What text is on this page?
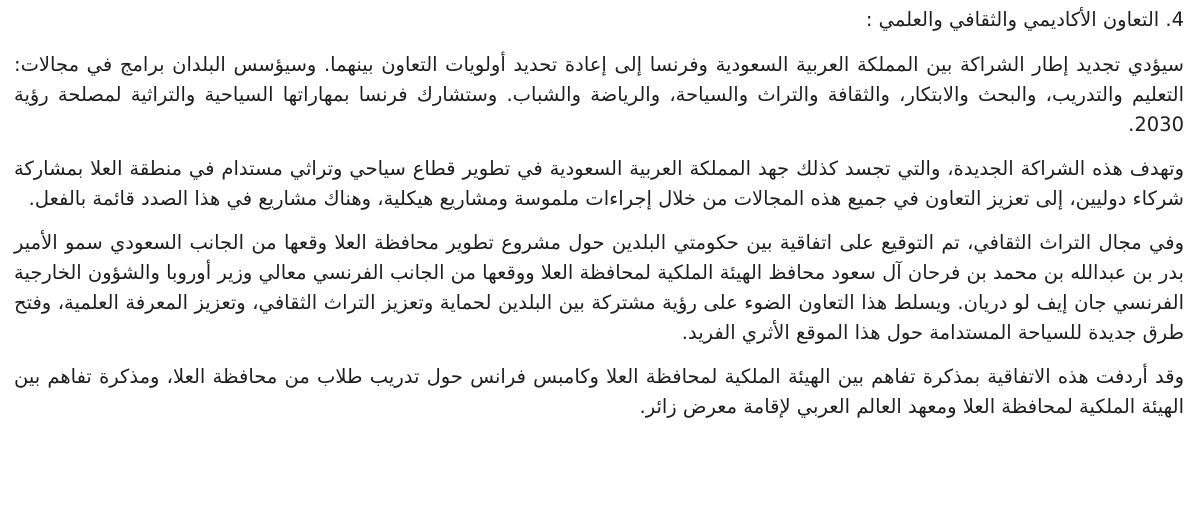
4. التعاون الأكاديمي والثقافي والعلمي :

سيؤدي تجديد إطار الشراكة بين المملكة العربية السعودية وفرنسا إلى إعادة تحديد أولويات التعاون بينهما. وسيؤسس البلدان برامج في مجالات: التعليم والتدريب، والبحث والابتكار، والثقافة والتراث والسياحة، والرياضة والشباب. وستشارك فرنسا بمهاراتها السياحية والتراثية لمصلحة رؤية 2030.

وتهدف هذه الشراكة الجديدة، والتي تجسد كذلك جهد المملكة العربية السعودية في تطوير قطاع سياحي وتراثي مستدام في منطقة العلا بمشاركة شركاء دوليين، إلى تعزيز التعاون في جميع هذه المجالات من خلال إجراءات ملموسة ومشاريع هيكلية، وهناك مشاريع في هذا الصدد قائمة بالفعل.

وفي مجال التراث الثقافي، تم التوقيع على اتفاقية بين حكومتي البلدين حول مشروع تطوير محافظة العلا وقعها من الجانب السعودي سمو الأمير بدر بن عبدالله بن محمد بن فرحان آل سعود محافظ الهيئة الملكية لمحافظة العلا ووقعها من الجانب الفرنسي معالي وزير أوروبا والشؤون الخارجية الفرنسي جان إيف لو دريان. ويسلط هذا التعاون الضوء على رؤية مشتركة بين البلدين لحماية وتعزيز التراث الثقافي، وتعزيز المعرفة العلمية، وفتح طرق جديدة للسياحة المستدامة حول هذا الموقع الأثري الفريد.

وقد أردفت هذه الاتفاقية بمذكرة تفاهم بين الهيئة الملكية لمحافظة العلا وكامبس فرانس حول تدريب طلاب من محافظة العلا، ومذكرة تفاهم بين الهيئة الملكية لمحافظة العلا ومعهد العالم العربي لإقامة معرض زائر.
